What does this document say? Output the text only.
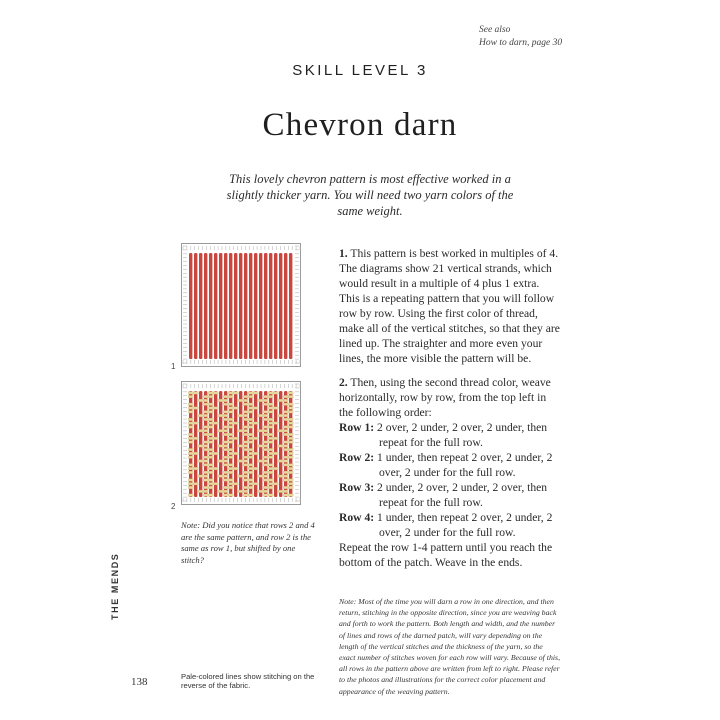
See also
How to darn, page 30
SKILL LEVEL 3
Chevron darn
This lovely chevron pattern is most effective worked in a slightly thicker yarn. You will need two yarn colors of the same weight.
1
2
Note: Did you notice that rows 2 and 4 are the same pattern, and row 2 is the same as row 1, but shifted by one stitch?

1. This pattern is best worked in multiples of 4. The diagrams show 21 vertical strands, which would result in a multiple of 4 plus 1 extra. This is a repeating pattern that you will follow row by row. Using the first color of thread, make all of the vertical stitches, so that they are lined up. The straighter and more even your lines, the more visible the pattern will be.

2. Then, using the second thread color, weave horizontally, row by row, from the top left in the following order:

Row 1: 2 over, 2 under, 2 over, 2 under, then repeat for the full row.
Row 2: 1 under, then repeat 2 over, 2 under, 2 over, 2 under for the full row.
Row 3: 2 under, 2 over, 2 under, 2 over, then repeat for the full row.
Row 4: 1 under, then repeat 2 over, 2 under, 2 over, 2 under for the full row.
Repeat the row 1-4 pattern until you reach the bottom of the patch. Weave in the ends.
Note: Most of the time you will darn a row in one direction, and then return, stitching in the opposite direction, since you are weaving back and forth to work the pattern. Both length and width, and the number of lines and rows of the darned patch, will vary depending on the length of the vertical stitches and the thickness of the yarn, so the exact number of stitches woven for each row will vary. Because of this, all rows in the pattern above are written from left to right. Please refer to the photos and illustrations for the correct color placement and appearance of the weaving pattern.
THE MENDS
138	Pale-colored lines show stitching on the reverse of the fabric.
